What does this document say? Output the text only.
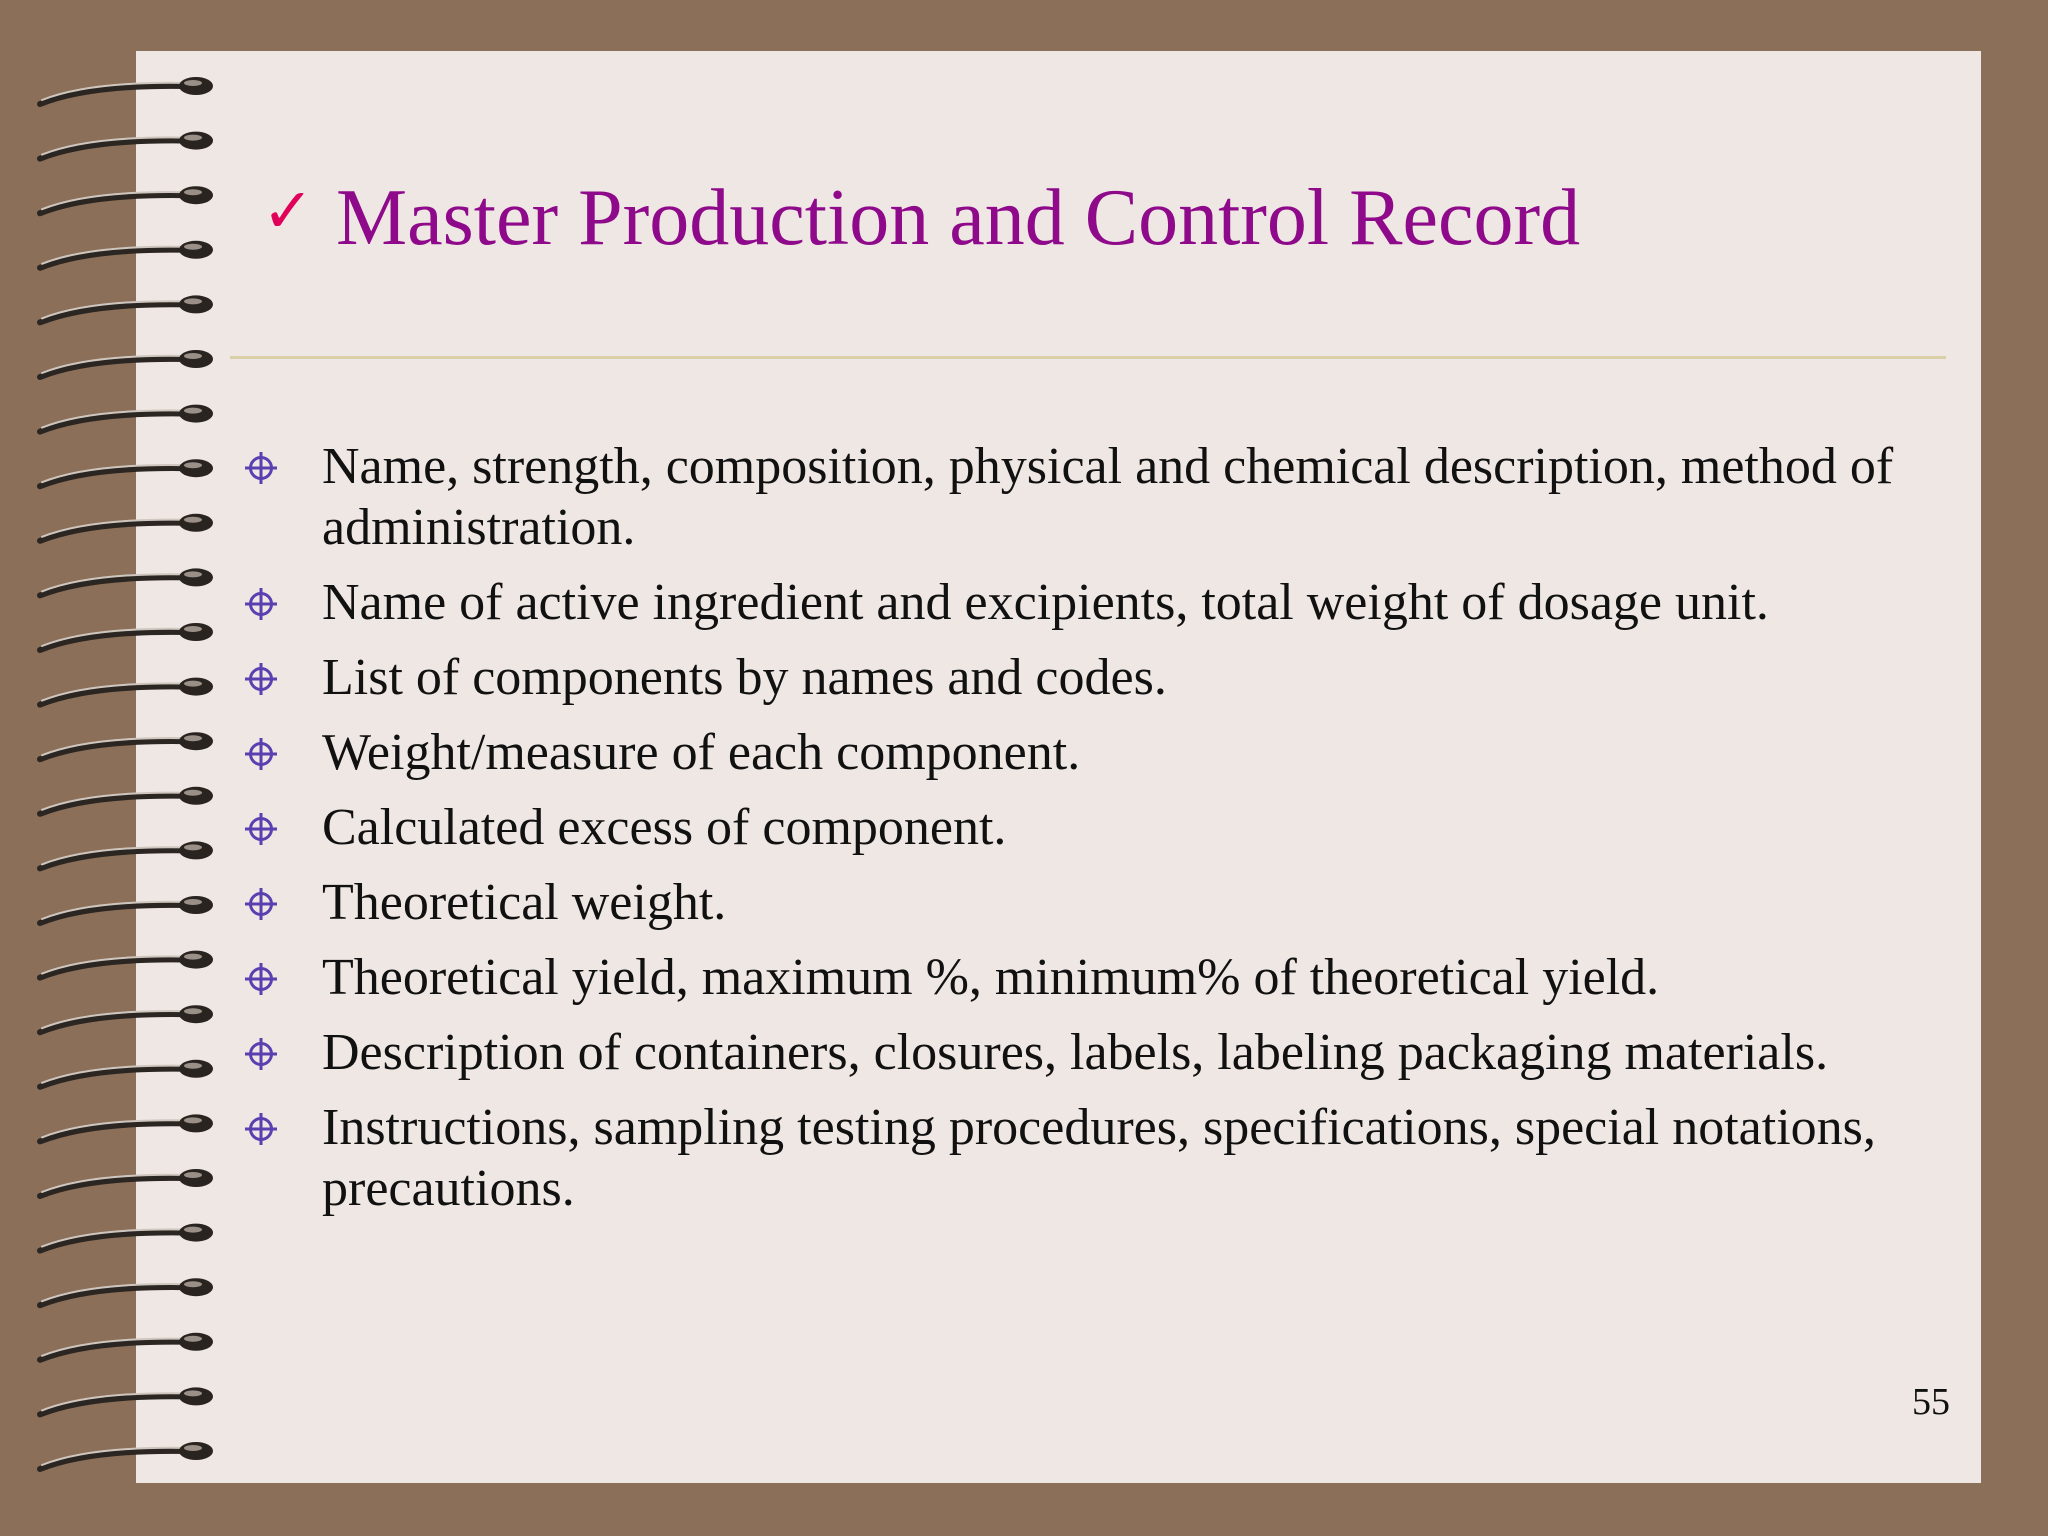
✓ Master Production and Control Record
Name, strength, composition, physical and chemical description, method of administration.
Name of active ingredient and excipients, total weight of dosage unit.
List of components by names and codes.
Weight/measure of each component.
Calculated excess of component.
Theoretical weight.
Theoretical yield, maximum %, minimum% of theoretical yield.
Description of containers, closures, labels, labeling packaging materials.
Instructions, sampling testing procedures, specifications, special notations, precautions.
55
